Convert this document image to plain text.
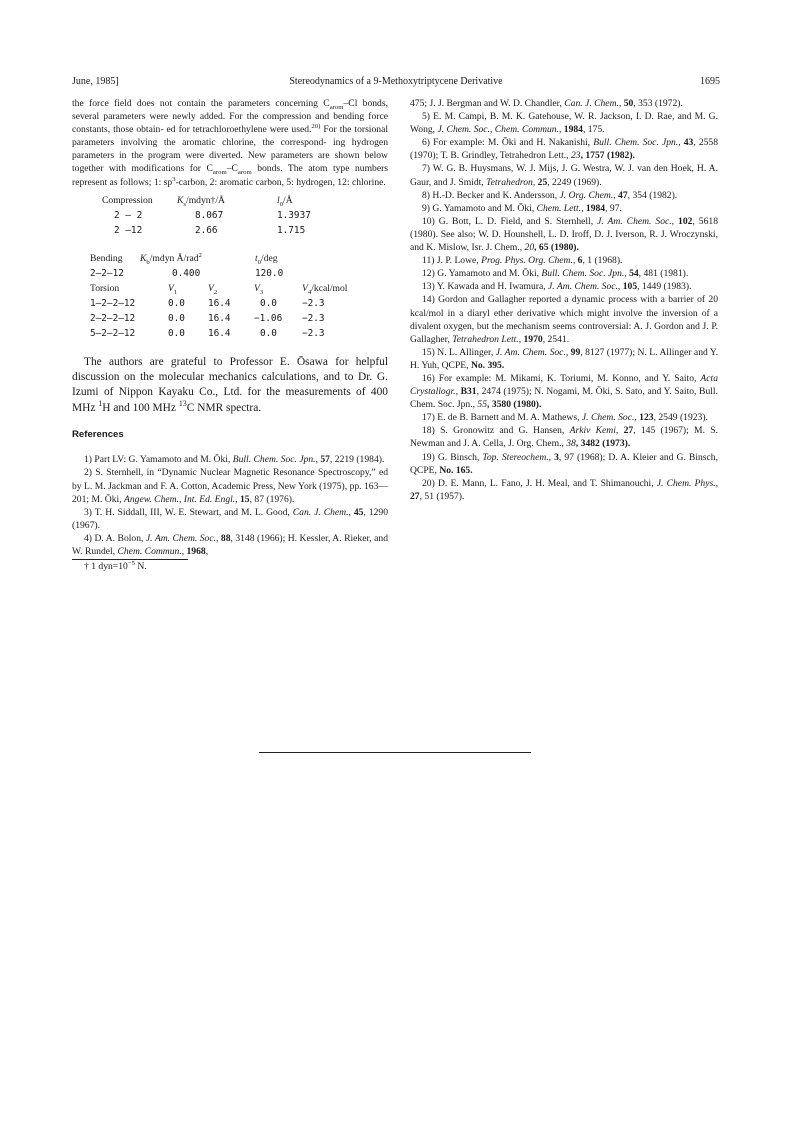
June, 1985]	Stereodynamics of a 9-Methoxytriptycene Derivative	1695

the force field does not contain the parameters concerning $C_{arom}-Cl$ bonds, several parameters were newly added. For the compression and bending force constants, those obtain- ed for tetrachloroethylene were used.$^{20)}$ For the torsional parameters involving the aromatic chlorine, the correspond- ing hydrogen parameters in the program were diverted. New parameters are shown below together with modifications for $C_{arom}-C_{arom}$ bonds. The atom type numbers represent as follows; 1: $sp^3$-carbon, 2: aromatic carbon, 5: hydrogen, 12: chlorine.

Compression	$K_s/mdyn\dagger/Å$	$l_0/Å$
2 — 2	8.067	1.3937
2 —12	2.66	1.715
Bending	$K_b$/mdyn Å/rad$^2$	$t_0$/deg
2—2—12	0.400	120.0
Torsion	$V_1$	$V_2$	$V_3$	$V_4/kcal$/mol
1—2—2—12	0.0	16.4	0.0	−2.3
2—2—2—12	0.0	16.4	−1.06	−2.3
5—2—2—12	0.0	16.4	0.0	−2.3

The authors are grateful to Professor E. Ōsawa for helpful discussion on the molecular mechanics calculations, and to Dr. G. Izumi of Nippon Kayaku Co., Ltd. for the measurements of 400 MHz $^1$H and 100 MHz $^{13}$C NMR spectra.

References

1) Part LV: G. Yamamoto and M. Ōki, Bull. Chem. Soc. Jpn., 57, 2219 (1984).

2) S. Sternhell, in “Dynamic Nuclear Magnetic Resonance Spectroscopy,” ed by L. M. Jackman and F. A. Cotton, Academic Press, New York (1975), pp. 163—201; M. Ōki, Angew. Chem., Int. Ed. Engl., 15, 87 (1976).

3) T. H. Siddall, III, W. E. Stewart, and M. L. Good, Can. J. Chem., 45, 1290 (1967).

4) D. A. Bolon, J. Am. Chem. Soc., 88, 3148 (1966); H. Kessler, A. Rieker, and W. Rundel, Chem. Commun., 1968,

† 1 $dyn=10^{-5}$ N.

475; J. J. Bergman and W. D. Chandler, Can. J. Chem., 50, 353 (1972).

5) E. M. Campi, B. M. K. Gatehouse, W. R. Jackson, I. D. Rae, and M. G. Wong, J. Chem. Soc., Chem. Commun., 1984, 175.

6) For example: M. Ōki and H. Nakanishi, Bull. Chem. Soc. Jpn., 43, 2558 (1970); T. B. Grindley, Tetrahedron Lett., 23, 1757 (1982).

7) W. G. B. Huysmans, W. J. Mijs, J. G. Westra, W. J. van den Hoek, H. A. Gaur, and J. Smidt, Tetrahedron, 25, 2249 (1969).

8) H.-D. Becker and K. Andersson, J. Org. Chem., 47, 354 (1982).

9) G. Yamamoto and M. Ōki, Chem. Lett., 1984, 97.

10) G. Bott, L. D. Field, and S. Sternhell, J. Am. Chem. Soc., 102, 5618 (1980). See also; W. D. Hounshell, L. D. Iroff, D. J. Iverson, R. J. Wroczynski, and K. Mislow, Isr. J. Chem., 20, 65 (1980).

11) J. P. Lowe, Prog. Phys. Org. Chem., 6, 1 (1968).

12) G. Yamamoto and M. Ōki, Bull. Chem. Soc. Jpn., 54, 481 (1981).

13) Y. Kawada and H. Iwamura, J. Am. Chem. Soc., 105, 1449 (1983).

14) Gordon and Gallagher reported a dynamic process with a barrier of 20 kcal/mol in a diaryl ether derivative which might involve the inversion of a divalent oxygen, but the mechanism seems controversial: A. J. Gordon and J. P. Gallagher, Tetrahedron Lett., 1970, 2541.

15) N. L. Allinger, J. Am. Chem. Soc., 99, 8127 (1977); N. L. Allinger and Y. H. Yuh, QCPE, No. 395.

16) For example: M. Mikami, K. Toriumi, M. Konno, and Y. Saito, Acta Crystallogr., B31, 2474 (1975); N. Nogami, M. Ōki, S. Sato, and Y. Saito, Bull. Chem. Soc. Jpn., 55, 3580 (1980).

17) E. de B. Barnett and M. A. Mathews, J. Chem. Soc., 123, 2549 (1923).

18) S. Gronowitz and G. Hansen, Arkiv Kemi, 27, 145 (1967); M. S. Newman and J. A. Cella, J. Org. Chem., 38, 3482 (1973).

19) G. Binsch, Top. Stereochem., 3, 97 (1968); D. A. Kleier and G. Binsch, QCPE, No. 165.

20) D. E. Mann, L. Fano, J. H. Meal, and T. Shimanouchi, J. Chem. Phys., 27, 51 (1957).
